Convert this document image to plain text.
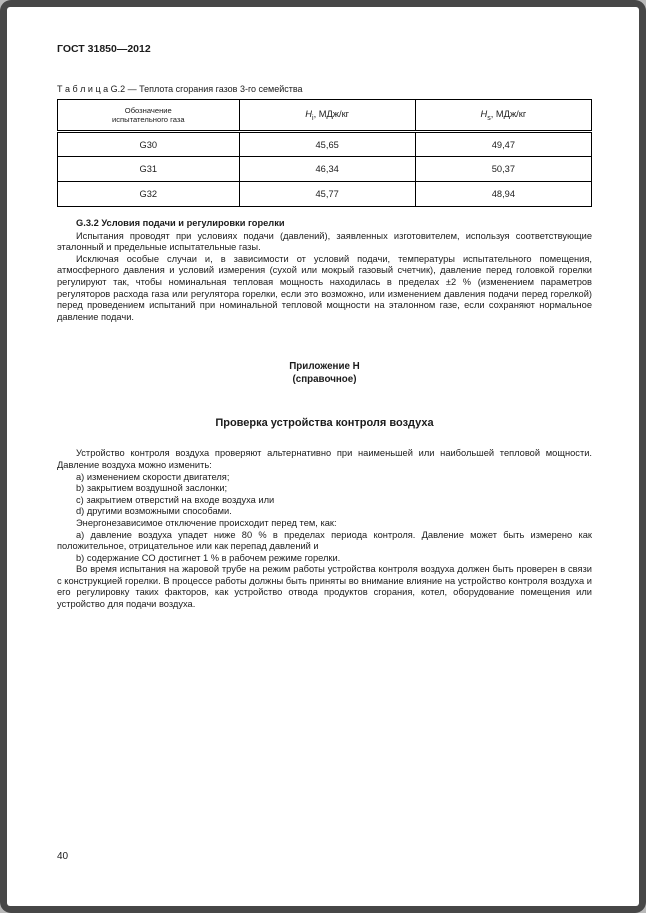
ГОСТ 31850—2012
Т а б л и ц а G.2 — Теплота сгорания газов 3-го семейства
Обозначение
испытательного газа	$H_i$, МДж/кг	$H_s$, МДж/кг
G30	45,65	49,47
G31	46,34	50,37
G32	45,77	48,94
G.3.2 Условия подачи и регулировки горелки

Испытания проводят при условиях подачи (давлений), заявленных изготовителем, используя соответствующие эталонный и предельные испытательные газы.

Исключая особые случаи и, в зависимости от условий подачи, температуры испытательного помещения, атмосферного давления и условий измерения (сухой или мокрый газовый счетчик), давление перед головкой горелки регулируют так, чтобы номинальная тепловая мощность находилась в пределах ±2 % (изменением параметров регуляторов расхода газа или регулятора горелки, если это возможно, или изменением давления подачи перед горелкой) перед проведением испытаний при номинальной тепловой мощности на эталонном газе, если сохраняют нормальное давление подачи.

Приложение Н
(справочное)
Проверка устройства контроля воздуха

Устройство контроля воздуха проверяют альтернативно при наименьшей или наибольшей тепловой мощности. Давление воздуха можно изменить:

a) изменением скорости двигателя;

b) закрытием воздушной заслонки;

c) закрытием отверстий на входе воздуха или

d) другими возможными способами.

Энергонезависимое отключение происходит перед тем, как:

а) давление воздуха упадет ниже 80 % в пределах периода контроля. Давление может быть измерено как положительное, отрицательное или как перепад давлений и

b) содержание СО достигнет 1 % в рабочем режиме горелки.

Во время испытания на жаровой трубе на режим работы устройства контроля воздуха должен быть проверен в связи с конструкцией горелки. В процессе работы должны быть приняты во внимание влияние на устройство контроля воздуха и его регулировку таких факторов, как устройство отвода продуктов сгорания, котел, оборудование помещения или устройство для подачи воздуха.

40
